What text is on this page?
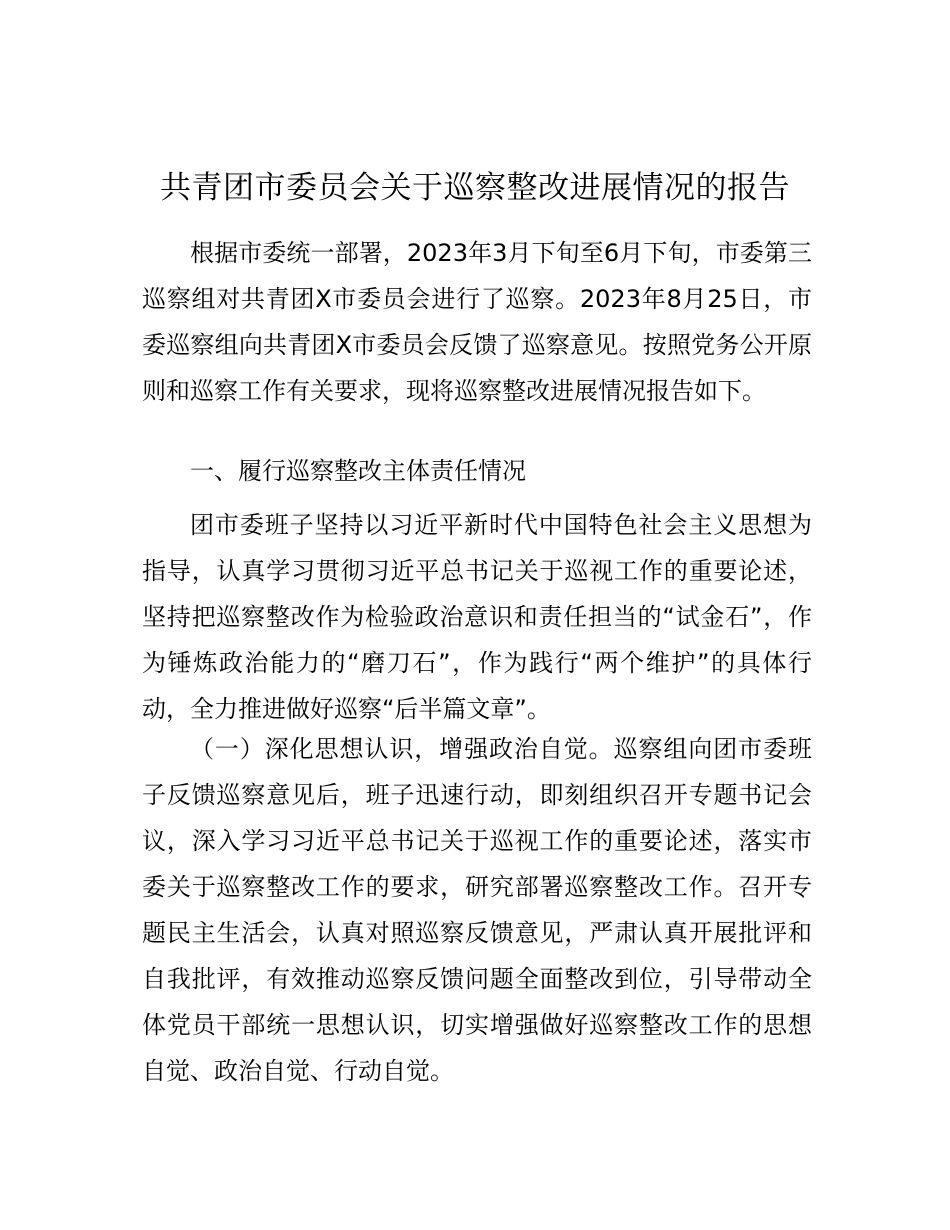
共青团市委员会关于巡察整改进展情况的报告

根据市委统一部署，2023年3月下旬至6月下旬，市委第三巡察组对共青团X市委员会进行了巡察。2023年8月25日，市委巡察组向共青团X市委员会反馈了巡察意见。按照党务公开原则和巡察工作有关要求，现将巡察整改进展情况报告如下。

一、履行巡察整改主体责任情况

团市委班子坚持以习近平新时代中国特色社会主义思想为指导，认真学习贯彻习近平总书记关于巡视工作的重要论述，坚持把巡察整改作为检验政治意识和责任担当的“试金石”，作为锤炼政治能力的“磨刀石”，作为践行“两个维护”的具体行动，全力推进做好巡察“后半篇文章”。

（一）深化思想认识，增强政治自觉。巡察组向团市委班子反馈巡察意见后，班子迅速行动，即刻组织召开专题书记会议，深入学习习近平总书记关于巡视工作的重要论述，落实市委关于巡察整改工作的要求，研究部署巡察整改工作。召开专题民主生活会，认真对照巡察反馈意见，严肃认真开展批评和自我批评，有效推动巡察反馈问题全面整改到位，引导带动全体党员干部统一思想认识，切实增强做好巡察整改工作的思想自觉、政治自觉、行动自觉。
